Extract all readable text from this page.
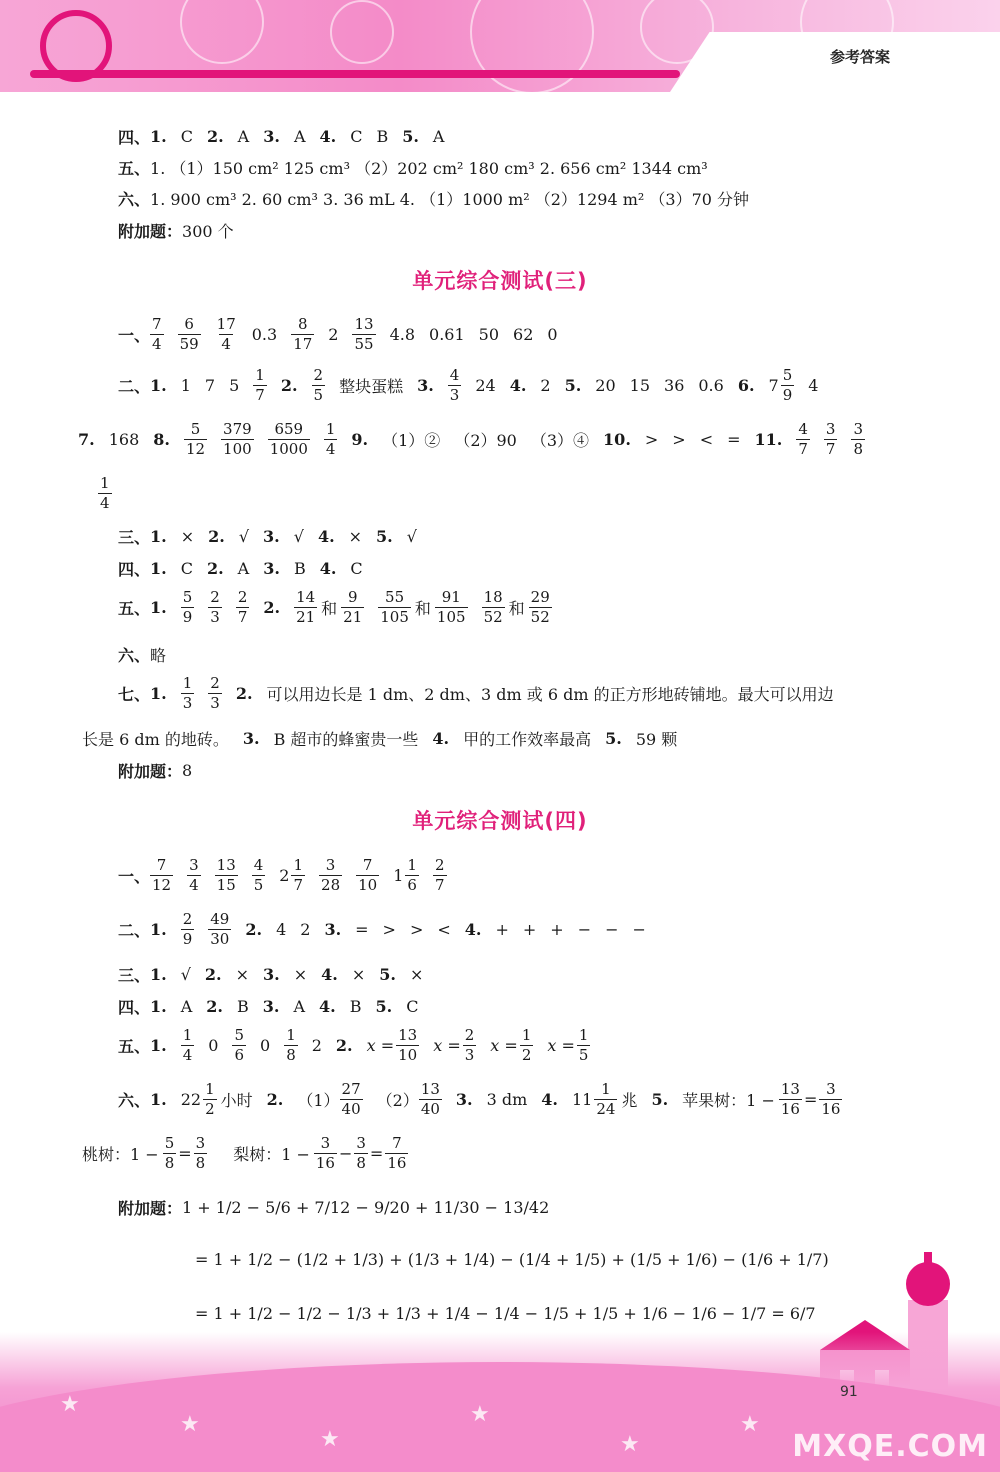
参考答案
四、 1. C 2. A 3. A 4. C B 5. A
五、 1. （1）150 cm² 125 cm³ （2）202 cm² 180 cm³ 2. 656 cm² 1344 cm³
六、 1. 900 cm³ 2. 60 cm³ 3. 36 mL 4. （1）1000 m² （2）1294 m² （3）70 分钟
附加题： 300 个
单元综合测试(三)
一、 $\frac{7}{4} \frac{6}{59} \frac{17}{4} 0.3 \frac{8}{17} 2 \frac{13}{55} 4.8$ 0.61 50 62 0
二、 1. 1 7 $5 \frac{1}{7} 2$. $\frac{2}{5}$ 整块蛋糕 3. $\frac{4}{3} 24$ 4. 2 5. 20 15 36 0.6 6. $7 \frac{5}{9} 4$
7. 168 8. $\frac{5}{12} \frac{379}{100} \frac{659}{1000} \frac{1}{4} 9$. （1）② （2）90 （3）④ 10. > > < = 11. $\frac{4}{7} \frac{3}{7} \frac{3}{8}$
$\frac{1}{4}$
三、 1. × 2. √ 3. √ 4. × 5. √
四、 1. C 2. A 3. B 4. C
五、 1. $\frac{5}{9} \frac{2}{3} \frac{2}{7} 2$. $\frac{14}{21}$ 和 $\frac{9}{21} \frac{55}{105}$ 和 $\frac{91}{105} \frac{18}{52}$ 和 $\frac{29}{52}$
六、 略
七、 1. $\frac{1}{3} \frac{2}{3} 2$. 可以用边长是 1 dm、2 dm、3 dm 或 6 dm 的正方形地砖铺地。最大可以用边
长是 6 dm 的地砖。 3. B 超市的蜂蜜贵一些 4. 甲的工作效率最高 5. 59 颗
附加题： 8
单元综合测试(四)
一、 $\frac{7}{12} \frac{3}{4} \frac{13}{15} \frac{4}{5} 2 \frac{1}{7} \frac{3}{28} \frac{7}{10} 1 \frac{1}{6} \frac{2}{7}$
二、 1. $\frac{2}{9} \frac{49}{30} 2$. 4 2 3. = > > < 4. + + + − − −
三、 1. √ 2. × 3. × 4. × 5. ×
四、 1. A 2. B 3. A 4. B 5. C
五、 1. $\frac{1}{4} 0 \frac{5}{6} 0 \frac{1}{8} 2$ 2. $x = \frac{13}{10}$ $x = \frac{2}{3}$ $x = \frac{1}{2}$ $x = \frac{1}{5}$
六、 1. $22 \frac{1}{2}$ 小时 2. $(1) \frac{27}{40} (2) \frac{13}{40} 3$. 3 dm 4. $11 \frac{1}{24}$ 兆 5. 苹果树：$1 - \frac{13}{16} = \frac{3}{16}$
桃树：$1 - \frac{5}{8} = \frac{3}{8}$ 梨树：$1 - \frac{3}{16} - \frac{3}{8} = \frac{7}{16}$
附加题： 1 + 1/2 − 5/6 + 7/12 − 9/20 + 11/30 − 13/42
= 1 + 1/2 − (1/2 + 1/3) + (1/3 + 1/4) − (1/4 + 1/5) + (1/5 + 1/6) − (1/6 + 1/7)
= 1 + 1/2 − 1/2 − 1/3 + 1/3 + 1/4 − 1/4 − 1/5 + 1/5 + 1/6 − 1/6 − 1/7 = 6/7
★
★
★
★
★
★
91
MXQE.COM
